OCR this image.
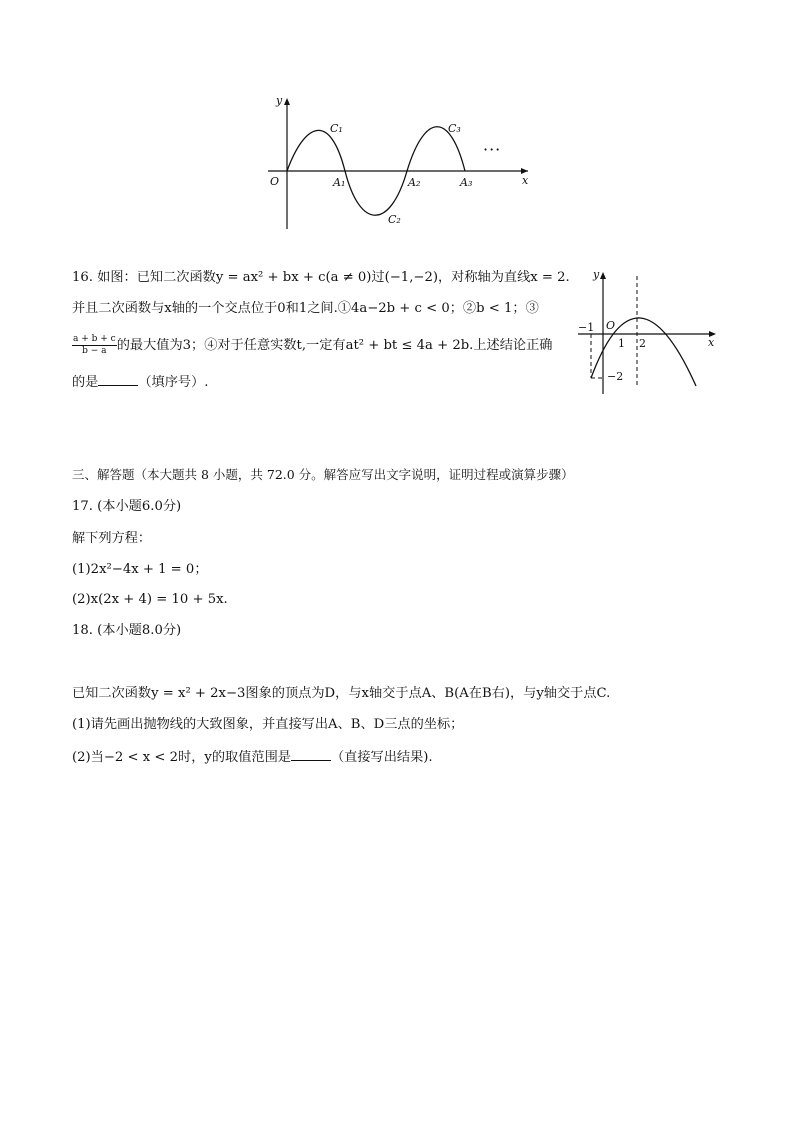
y
x
O
C₁
C₂
C₃
A₁	A₂	A₃
···
16. 如图：已知二次函数y = ax² + bx + c(a ≠ 0)过(−1,−2)，对称轴为直线x = 2.
并且二次函数与x轴的一个交点位于0和1之间.①4a−2b + c < 0；②b < 1；③
$\frac{a + b + c}{b - a}$ 的最大值为3；④对于任意实数t,一定有at² + bt ≤ 4a + 2b.上述结论正确
的是	（填序号）.
y
x
O
−1
1 2
−2
三、解答题（本大题共 8 小题，共 72.0 分。解答应写出文字说明，证明过程或演算步骤）
17. (本小题6.0分)
解下列方程：
(1)2x²−4x + 1 = 0；
(2)x(2x + 4) = 10 + 5x.
18. (本小题8.0分)
已知二次函数y = x² + 2x−3图象的顶点为D，与x轴交于点A、B(A在B右)，与y轴交于点C.
(1)请先画出抛物线的大致图象，并直接写出A、B、D三点的坐标；
(2)当−2 < x < 2时，y的取值范围是	（直接写出结果).
